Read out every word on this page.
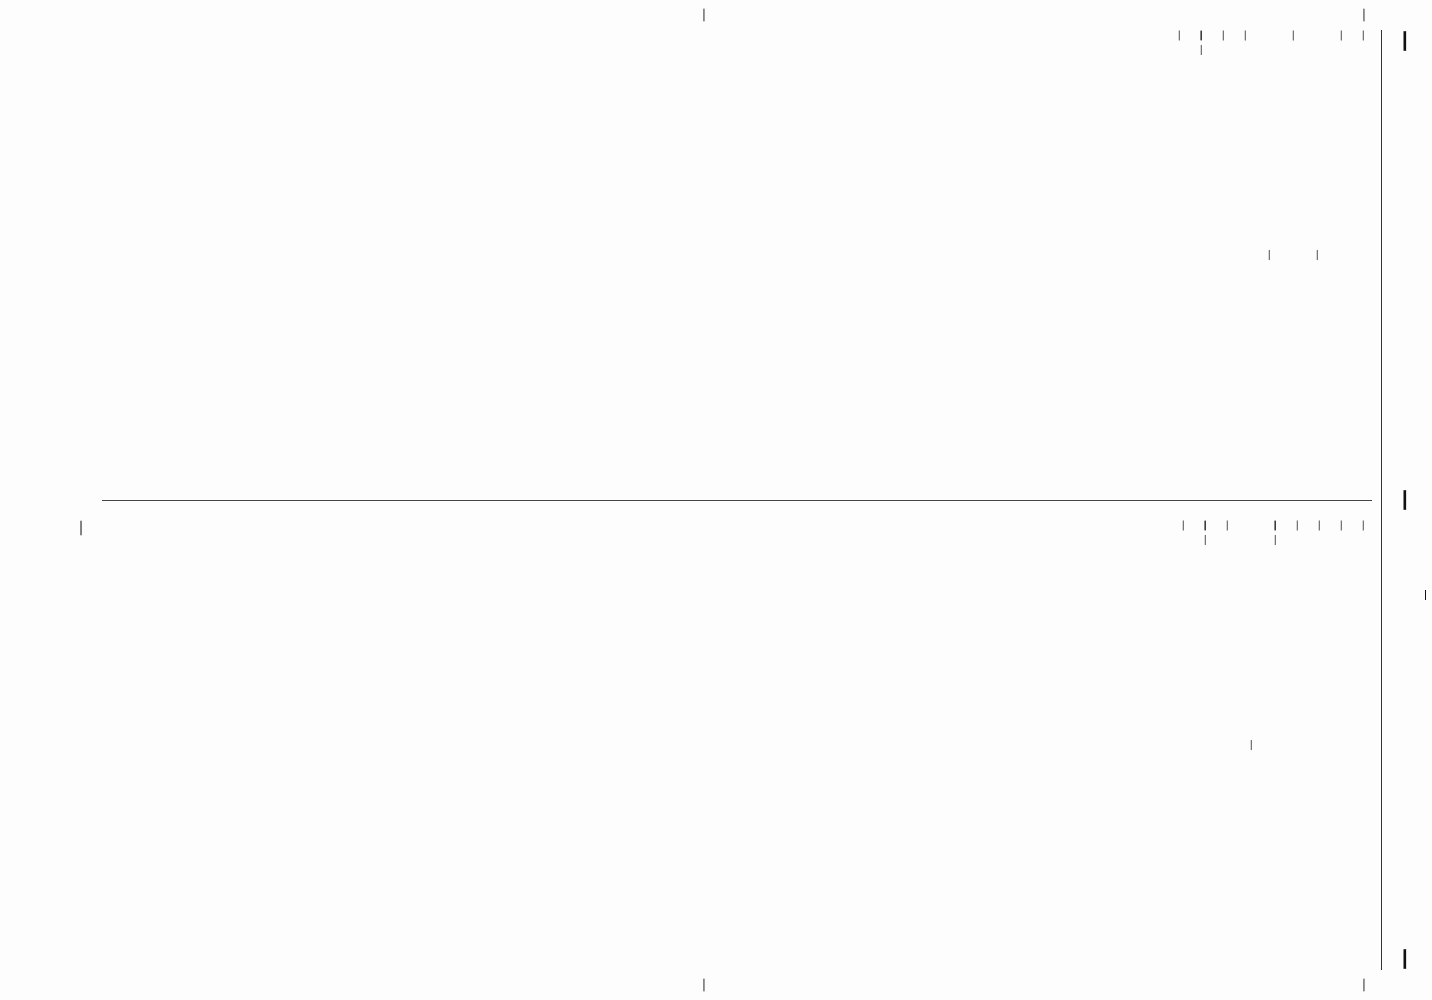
—
—
—
—
—
—
—

—

—

—

—

—

—

—

— —

—

—

—

—

—

— —

—

—

— —

—

—
—
